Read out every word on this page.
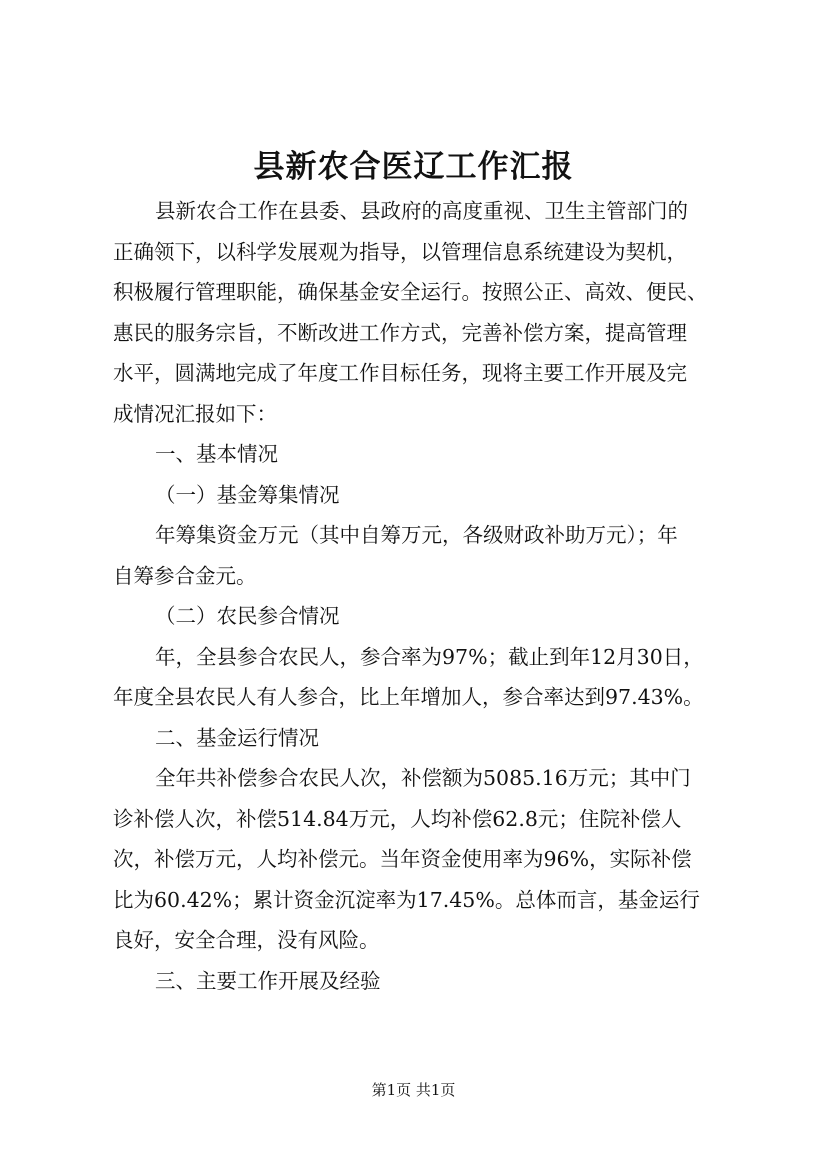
县新农合医辽工作汇报
县新农合工作在县委、县政府的高度重视、卫生主管部门的
正确领下，以科学发展观为指导，以管理信息系统建设为契机，
积极履行管理职能，确保基金安全运行。按照公正、高效、便民、
惠民的服务宗旨，不断改进工作方式，完善补偿方案，提高管理
水平，圆满地完成了年度工作目标任务，现将主要工作开展及完
成情况汇报如下：
一、基本情况
（一）基金筹集情况
年筹集资金万元（其中自筹万元，各级财政补助万元）；年
自筹参合金元。
（二）农民参合情况
年，全县参合农民人，参合率为97%；截止到年12月30日，
年度全县农民人有人参合，比上年增加人，参合率达到97.43%。
二、基金运行情况
全年共补偿参合农民人次，补偿额为5085.16万元；其中门
诊补偿人次，补偿514.84万元，人均补偿62.8元；住院补偿人
次，补偿万元，人均补偿元。当年资金使用率为96%，实际补偿
比为60.42%；累计资金沉淀率为17.45%。总体而言，基金运行
良好，安全合理，没有风险。
三、主要工作开展及经验
第1页 共1页
